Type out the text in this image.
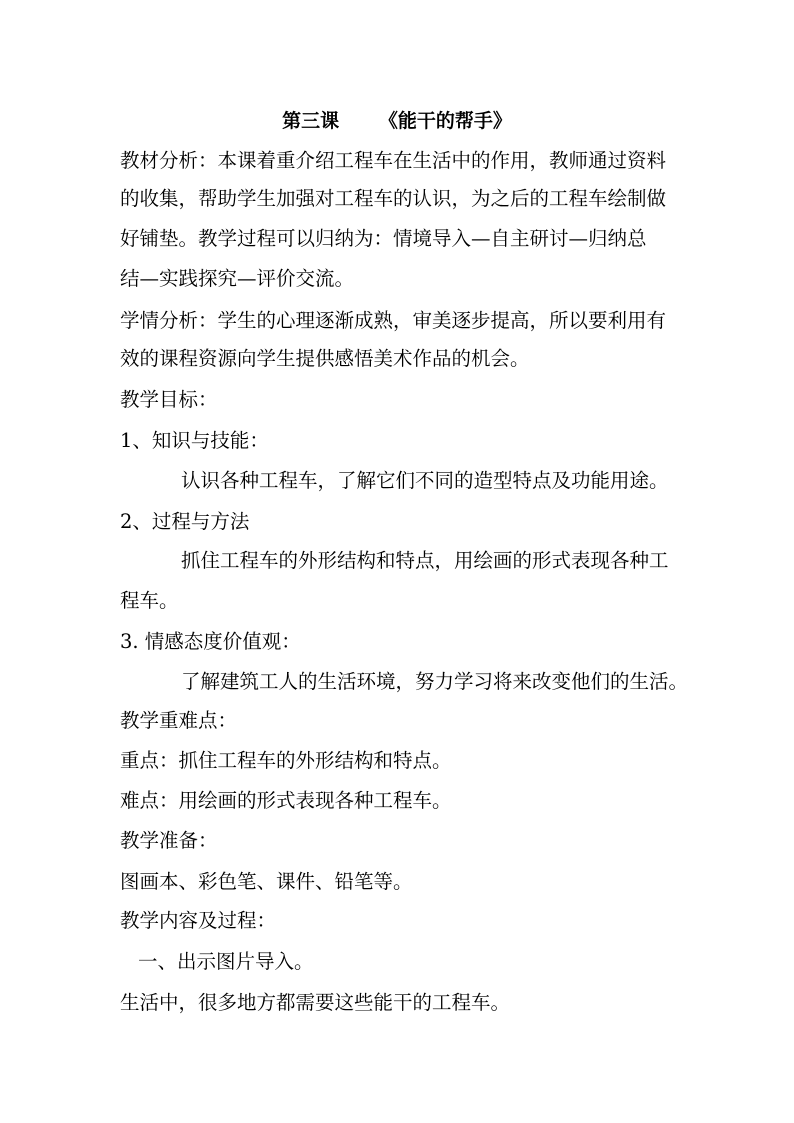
第三课      《能干的帮手》
教材分析：本课着重介绍工程车在生活中的作用，教师通过资料
的收集，帮助学生加强对工程车的认识，为之后的工程车绘制做
好铺垫。教学过程可以归纳为：情境导入—自主研讨—归纳总
结—实践探究—评价交流。
学情分析：学生的心理逐渐成熟，审美逐步提高，所以要利用有
效的课程资源向学生提供感悟美术作品的机会。
教学目标：
1、知识与技能：
认识各种工程车，了解它们不同的造型特点及功能用途。
2、过程与方法
抓住工程车的外形结构和特点，用绘画的形式表现各种工
程车。
3. 情感态度价值观：
了解建筑工人的生活环境，努力学习将来改变他们的生活。
教学重难点：
重点：抓住工程车的外形结构和特点。
难点：用绘画的形式表现各种工程车。
教学准备：
图画本、彩色笔、课件、铅笔等。
教学内容及过程：
一、出示图片导入。
生活中，很多地方都需要这些能干的工程车。
